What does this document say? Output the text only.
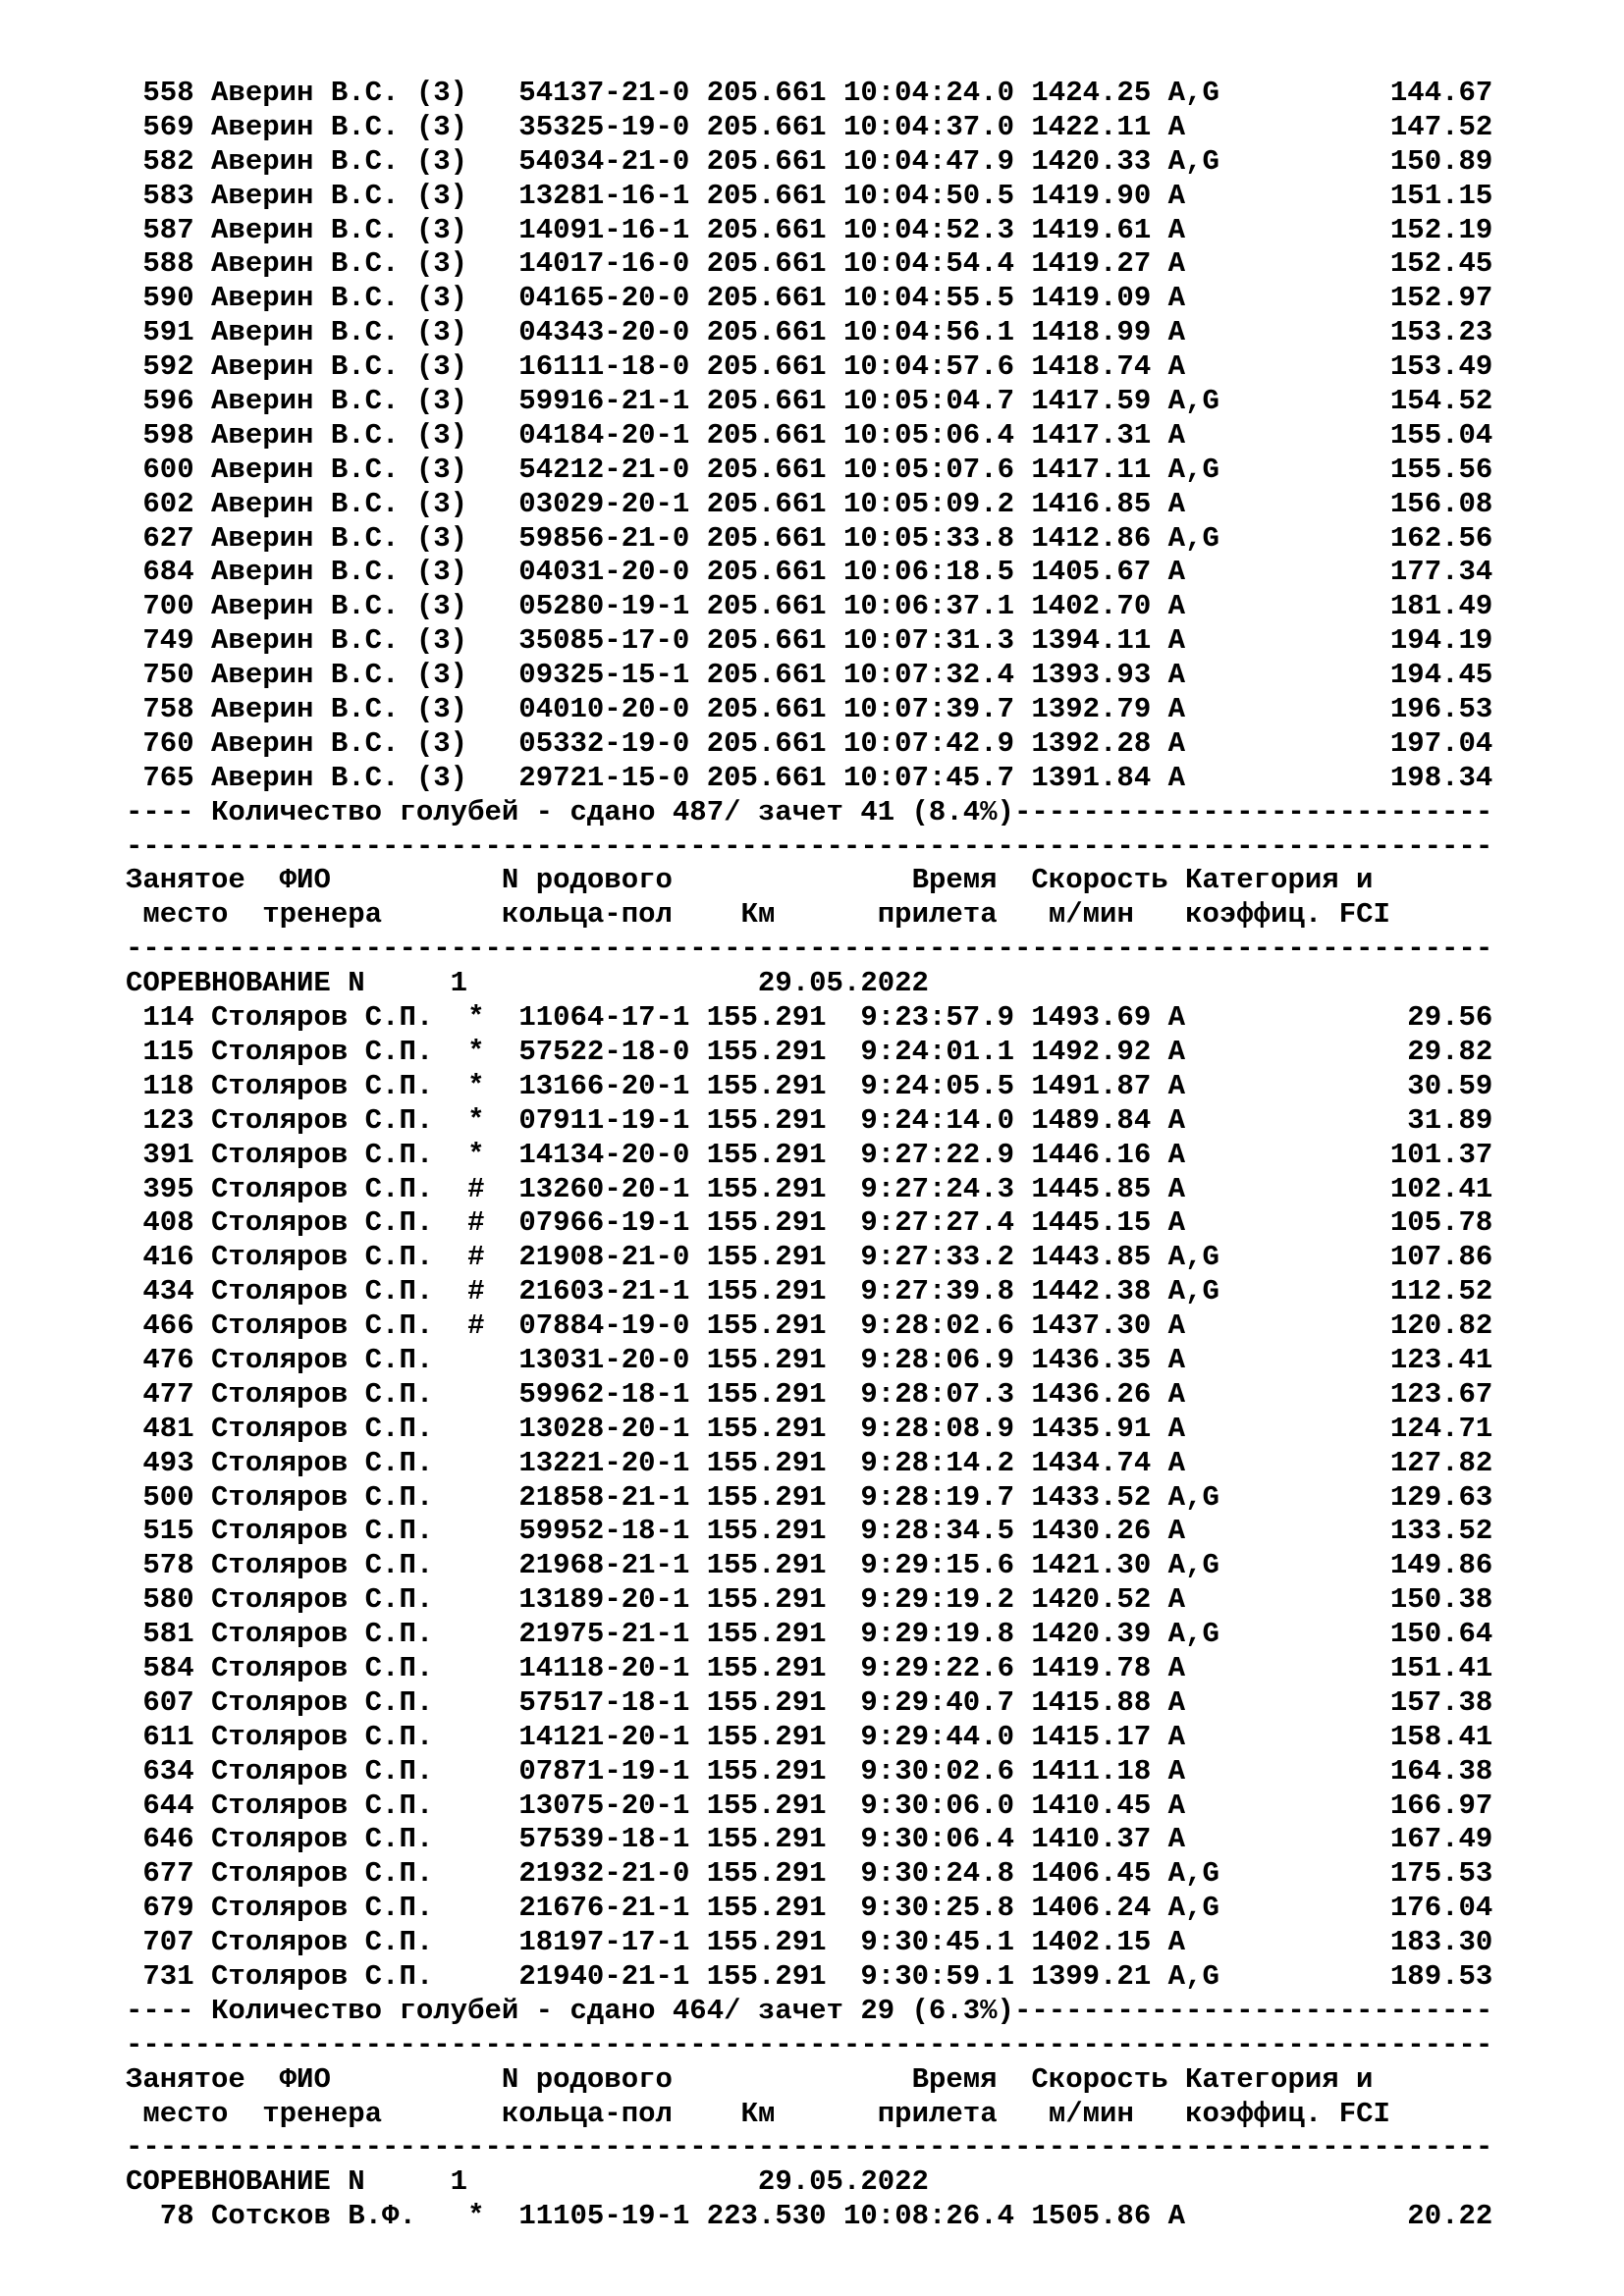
558 Аверин В.С. (3) 54137-21-0 205.661 10:04:24.0 1424.25 A,G	144.67
569 Аверин В.С. (3) 35325-19-0 205.661 10:04:37.0 1422.11 A	147.52
582 Аверин В.С. (3) 54034-21-0 205.661 10:04:47.9 1420.33 A,G	150.89
583 Аверин В.С. (3) 13281-16-1 205.661 10:04:50.5 1419.90 A	151.15
587 Аверин В.С. (3) 14091-16-1 205.661 10:04:52.3 1419.61 A	152.19
588 Аверин В.С. (3) 14017-16-0 205.661 10:04:54.4 1419.27 A	152.45
590 Аверин В.С. (3) 04165-20-0 205.661 10:04:55.5 1419.09 A	152.97
591 Аверин В.С. (3) 04343-20-0 205.661 10:04:56.1 1418.99 A	153.23
592 Аверин В.С. (3) 16111-18-0 205.661 10:04:57.6 1418.74 A	153.49
596 Аверин В.С. (3) 59916-21-1 205.661 10:05:04.7 1417.59 A,G	154.52
598 Аверин В.С. (3) 04184-20-1 205.661 10:05:06.4 1417.31 A	155.04
600 Аверин В.С. (3) 54212-21-0 205.661 10:05:07.6 1417.11 A,G	155.56
602 Аверин В.С. (3) 03029-20-1 205.661 10:05:09.2 1416.85 A	156.08
627 Аверин В.С. (3) 59856-21-0 205.661 10:05:33.8 1412.86 A,G	162.56
684 Аверин В.С. (3) 04031-20-0 205.661 10:06:18.5 1405.67 A	177.34
700 Аверин В.С. (3) 05280-19-1 205.661 10:06:37.1 1402.70 A	181.49
749 Аверин В.С. (3) 35085-17-0 205.661 10:07:31.3 1394.11 A	194.19
750 Аверин В.С. (3) 09325-15-1 205.661 10:07:32.4 1393.93 A	194.45
758 Аверин В.С. (3) 04010-20-0 205.661 10:07:39.7 1392.79 A	196.53
760 Аверин В.С. (3) 05332-19-0 205.661 10:07:42.9 1392.28 A	197.04
765 Аверин В.С. (3) 29721-15-0 205.661 10:07:45.7 1391.84 A	198.34
---- Количество голубей - сдано 487/ зачет 41 (8.4%)----------------------------
--------------------------------------------------------------------------------
Занятое ФИО	N родового	Время Скорость Категория и
место тренера	кольца-пол Км	прилета м/мин коэффиц. FCI
--------------------------------------------------------------------------------
СОРЕВНОВАНИЕ N     1	29.05.2022
114 Столяров С.П. * 11064-17-1 155.291  9:23:57.9 1493.69 A	29.56
115 Столяров С.П. * 57522-18-0 155.291  9:24:01.1 1492.92 A	29.82
118 Столяров С.П. * 13166-20-1 155.291  9:24:05.5 1491.87 A	30.59
123 Столяров С.П. * 07911-19-1 155.291  9:24:14.0 1489.84 A	31.89
391 Столяров С.П. * 14134-20-0 155.291  9:27:22.9 1446.16 A	101.37
395 Столяров С.П. # 13260-20-1 155.291  9:27:24.3 1445.85 A	102.41
408 Столяров С.П. # 07966-19-1 155.291  9:27:27.4 1445.15 A	105.78
416 Столяров С.П. # 21908-21-0 155.291  9:27:33.2 1443.85 A,G	107.86
434 Столяров С.П. # 21603-21-1 155.291  9:27:39.8 1442.38 A,G	112.52
466 Столяров С.П. # 07884-19-0 155.291  9:28:02.6 1437.30 A	120.82
476 Столяров С.П.	13031-20-0 155.291  9:28:06.9 1436.35 A	123.41
477 Столяров С.П.	59962-18-1 155.291  9:28:07.3 1436.26 A	123.67
481 Столяров С.П.	13028-20-1 155.291  9:28:08.9 1435.91 A	124.71
493 Столяров С.П.	13221-20-1 155.291  9:28:14.2 1434.74 A	127.82
500 Столяров С.П.	21858-21-1 155.291  9:28:19.7 1433.52 A,G	129.63
515 Столяров С.П.	59952-18-1 155.291  9:28:34.5 1430.26 A	133.52
578 Столяров С.П.	21968-21-1 155.291  9:29:15.6 1421.30 A,G	149.86
580 Столяров С.П.	13189-20-1 155.291  9:29:19.2 1420.52 A	150.38
581 Столяров С.П.	21975-21-1 155.291  9:29:19.8 1420.39 A,G	150.64
584 Столяров С.П.	14118-20-1 155.291  9:29:22.6 1419.78 A	151.41
607 Столяров С.П.	57517-18-1 155.291  9:29:40.7 1415.88 A	157.38
611 Столяров С.П.	14121-20-1 155.291  9:29:44.0 1415.17 A	158.41
634 Столяров С.П.	07871-19-1 155.291  9:30:02.6 1411.18 A	164.38
644 Столяров С.П.	13075-20-1 155.291  9:30:06.0 1410.45 A	166.97
646 Столяров С.П.	57539-18-1 155.291  9:30:06.4 1410.37 A	167.49
677 Столяров С.П.	21932-21-0 155.291  9:30:24.8 1406.45 A,G	175.53
679 Столяров С.П.	21676-21-1 155.291  9:30:25.8 1406.24 A,G	176.04
707 Столяров С.П.	18197-17-1 155.291  9:30:45.1 1402.15 A	183.30
731 Столяров С.П.	21940-21-1 155.291  9:30:59.1 1399.21 A,G	189.53
---- Количество голубей - сдано 464/ зачет 29 (6.3%)----------------------------
--------------------------------------------------------------------------------
Занятое ФИО	N родового	Время Скорость Категория и
место тренера	кольца-пол Км	прилета м/мин коэффиц. FCI
--------------------------------------------------------------------------------
СОРЕВНОВАНИЕ N     1	29.05.2022
78 Сотсков В.Ф. * 11105-19-1 223.530 10:08:26.4 1505.86 A	20.22
